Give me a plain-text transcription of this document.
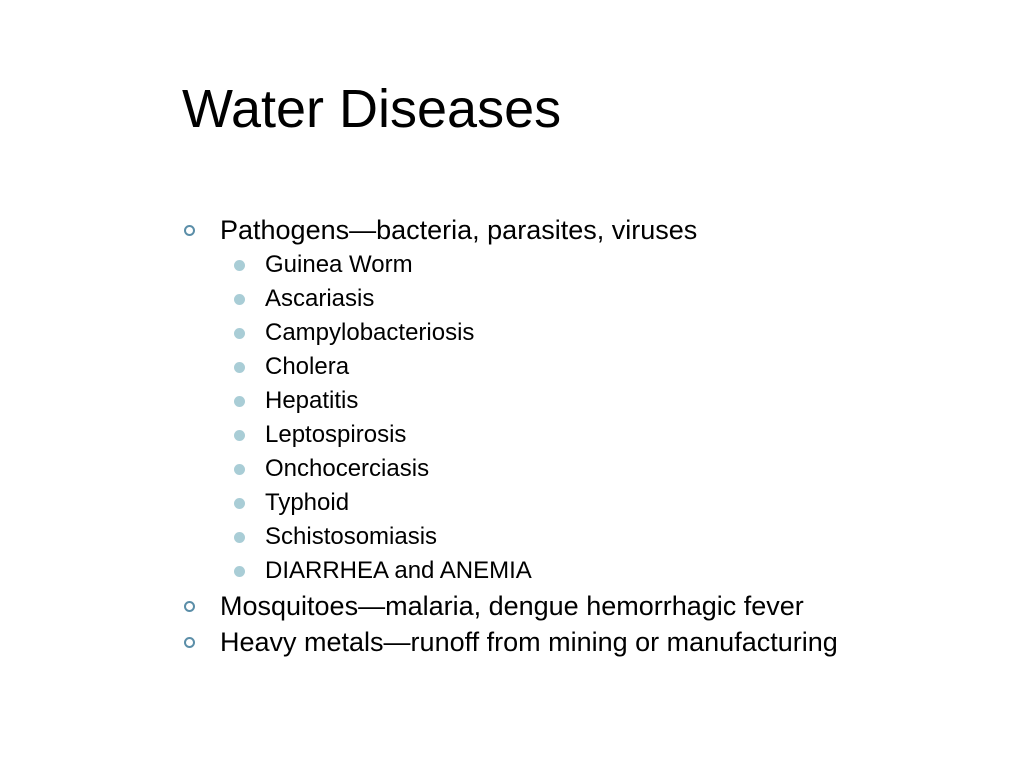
Water Diseases
Pathogens—bacteria, parasites, viruses
Guinea Worm
Ascariasis
Campylobacteriosis
Cholera
Hepatitis
Leptospirosis
Onchocerciasis
Typhoid
Schistosomiasis
DIARRHEA and ANEMIA
Mosquitoes—malaria, dengue hemorrhagic fever
Heavy metals—runoff from mining or manufacturing
